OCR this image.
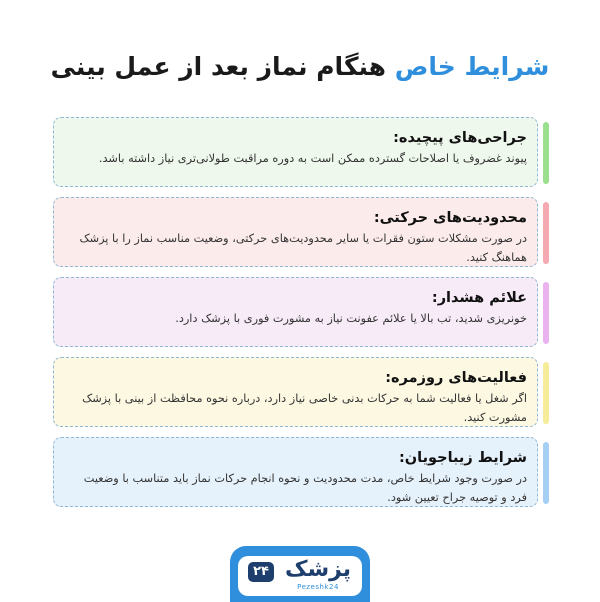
شرایط خاص هنگام نماز بعد از عمل بینی
جراحی‌های پیچیده:
پیوند غضروف یا اصلاحات گسترده ممکن است به دوره مراقبت طولانی‌تری نیاز داشته باشد.
محدودیت‌های حرکتی:
در صورت مشکلات ستون فقرات یا سایر محدودیت‌های حرکتی، وضعیت مناسب نماز را با پزشک هماهنگ کنید.
علائم هشدار:
خونریزی شدید، تب بالا یا علائم عفونت نیاز به مشورت فوری با پزشک دارد.
فعالیت‌های روزمره:
اگر شغل یا فعالیت شما به حرکات بدنی خاصی نیاز دارد، درباره نحوه محافظت از بینی با پزشک مشورت کنید.
شرایط زیباجویان:
در صورت وجود شرایط خاص، مدت محدودیت و نحوه انجام حرکات نماز باید متناسب با وضعیت فرد و توصیه جراح تعیین شود.
۲۴ پزشک
Pezeshk24
